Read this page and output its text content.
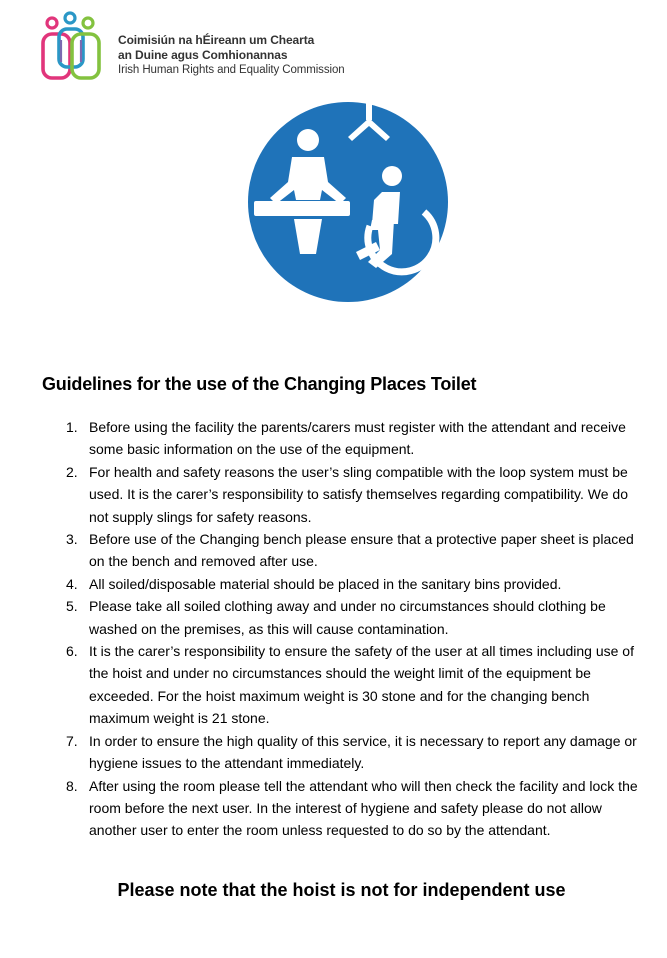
Coimisiún na hÉireann um Chearta
an Duine agus Comhionannas
Irish Human Rights and Equality Commission
Guidelines for the use of the Changing Places Toilet
1. Before using the facility the parents/carers must register with the attendant and receive some basic information on the use of the equipment.
2. For health and safety reasons the user’s sling compatible with the loop system must be used. It is the carer’s responsibility to satisfy themselves regarding compatibility. We do not supply slings for safety reasons.
3. Before use of the Changing bench please ensure that a protective paper sheet is placed on the bench and removed after use.
4. All soiled/disposable material should be placed in the sanitary bins provided.
5. Please take all soiled clothing away and under no circumstances should clothing be washed on the premises, as this will cause contamination.
6. It is the carer’s responsibility to ensure the safety of the user at all times including use of the hoist and under no circumstances should the weight limit of the equipment be exceeded. For the hoist maximum weight is 30 stone and for the changing bench maximum weight is 21 stone.
7. In order to ensure the high quality of this service, it is necessary to report any damage or hygiene issues to the attendant immediately.
8. After using the room please tell the attendant who will then check the facility and lock the room before the next user. In the interest of hygiene and safety please do not allow another user to enter the room unless requested to do so by the attendant.
Please note that the hoist is not for independent use
